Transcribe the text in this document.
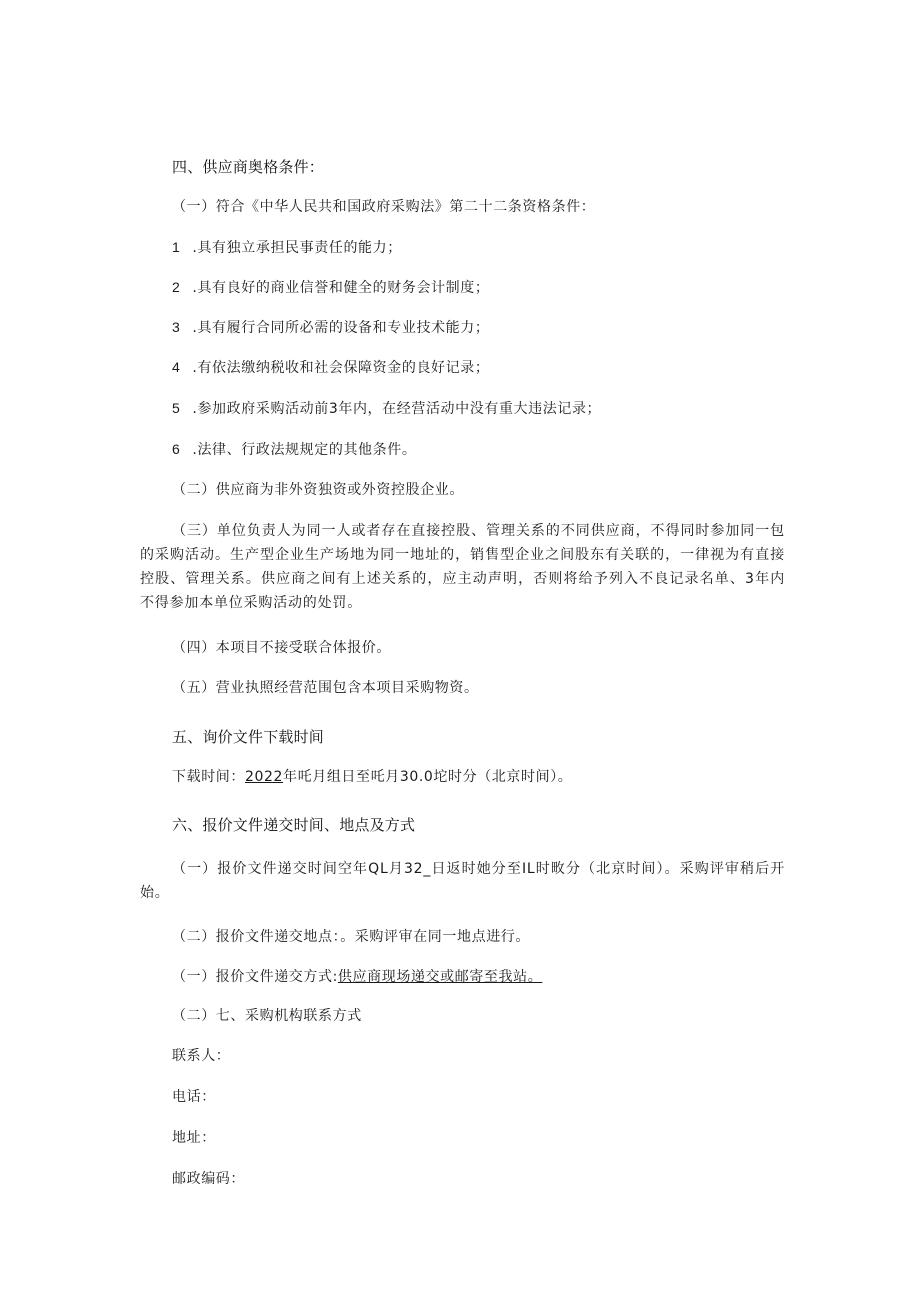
四、供应商奥格条件：
（一）符合《中华人民共和国政府采购法》第二十二条资格条件：
1 .具有独立承担民事责任的能力；
2 .具有良好的商业信誉和健全的财务会计制度；
3 .具有履行合同所必需的设备和专业技术能力；
4 .有依法缴纳税收和社会保障资金的良好记录；
5 .参加政府采购活动前3年内，在经营活动中没有重大违法记录；
6 .法律、行政法规规定的其他条件。
（二）供应商为非外资独资或外资控股企业。
（三）单位负责人为同一人或者存在直接控股、管理关系的不同供应商，不得同时参加同一包的采购活动。生产型企业生产场地为同一地址的，销售型企业之间股东有关联的，一律视为有直接控股、管理关系。供应商之间有上述关系的，应主动声明，否则将给予列入不良记录名单、3年内不得参加本单位采购活动的处罚。
（四）本项目不接受联合体报价。
（五）营业执照经营范围包含本项目采购物资。
五、询价文件下载时间
下载时间：2022年吒月组日至吒月30.0坨时分（北京时间）。
六、报价文件递交时间、地点及方式
（一）报价文件递交时间空年QL月32_日返时她分至IL时畋分（北京时间）。采购评审稍后开始。
（二）报价文件递交地点：。采购评审在同一地点进行。
（一）报价文件递交方式:供应商现场递交或邮寄至我站。
（二）七、采购机构联系方式
联系人：
电话：
地址：
邮政编码：
